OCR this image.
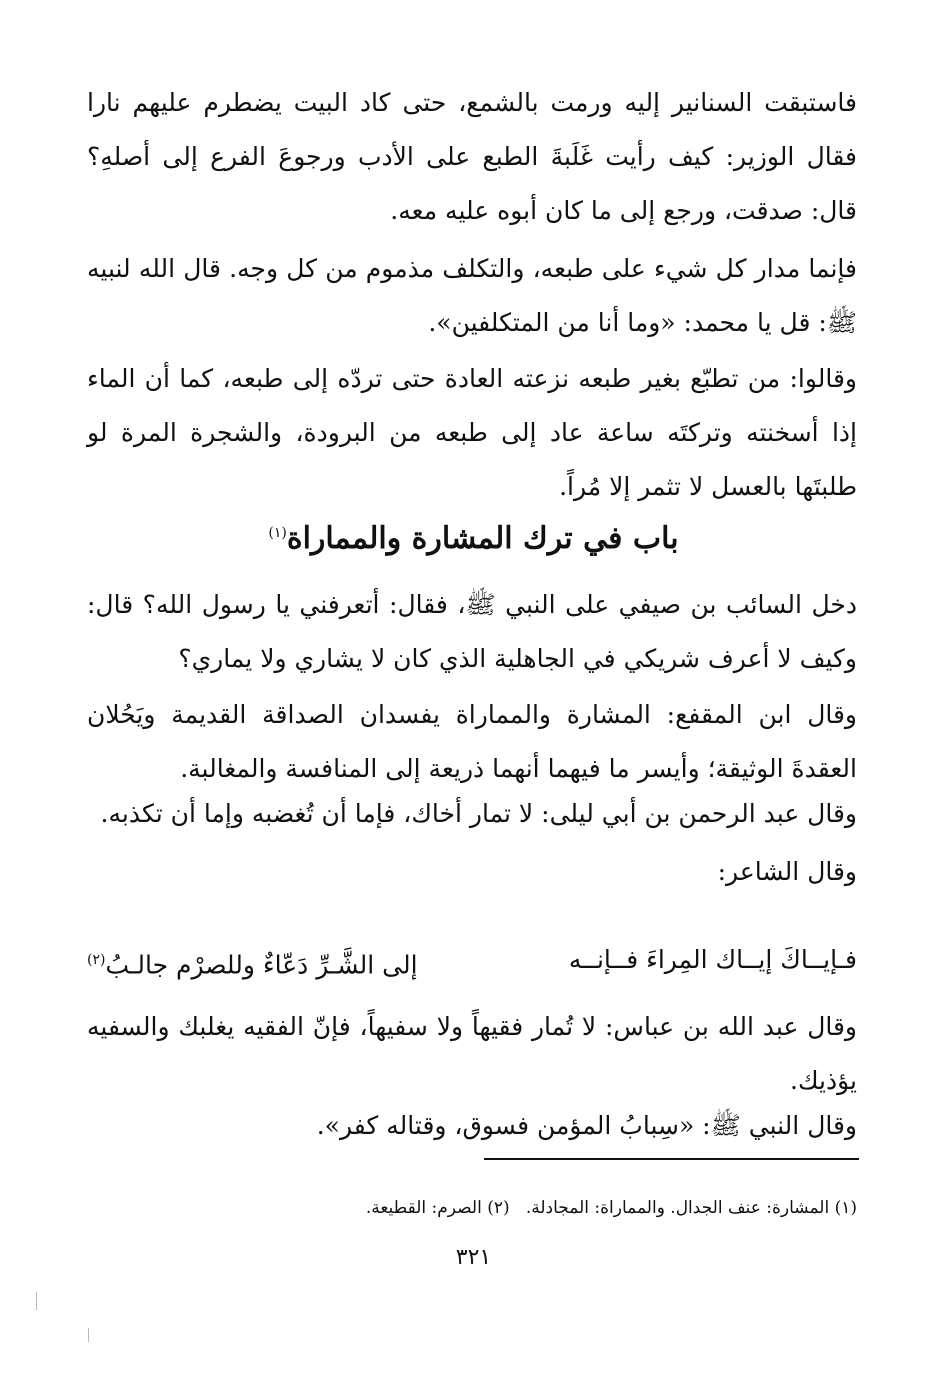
فاستبقت السنانير إليه ورمت بالشمع، حتى كاد البيت يضطرم عليهم نارا فقال الوزير: كيف رأيت غَلَبةَ الطبع على الأدب ورجوعَ الفرع إلى أصلهِ؟ قال: صدقت، ورجع إلى ما كان أبوه عليه معه.

فإنما مدار كل شيء على طبعه، والتكلف مذموم من كل وجه. قال الله لنبيه ﷺ: قل يا محمد: «وما أنا من المتكلفين».

وقالوا: من تطبّع بغير طبعه نزعته العادة حتى تردّه إلى طبعه، كما أن الماء إذا أسخنته وتركتَه ساعة عاد إلى طبعه من البرودة، والشجرة المرة لو طلبتَها بالعسل لا تثمر إلا مُراً.

باب في ترك المشارة والمماراة$^{(١)}$

دخل السائب بن صيفي على النبي ﷺ، فقال: أتعرفني يا رسول الله؟ قال: وكيف لا أعرف شريكي في الجاهلية الذي كان لا يشاري ولا يماري؟

وقال ابن المقفع: المشارة والمماراة يفسدان الصداقة القديمة ويَحُلان العقدةَ الوثيقة؛ وأيسر ما فيهما أنهما ذريعة إلى المنافسة والمغالبة.

وقال عبد الرحمن بن أبي ليلى: لا تمار أخاك، فإما أن تُغضبه وإما أن تكذبه.

وقال الشاعر:

فـإيــاكَ إيــاك المِراءَ فــإنــه
إلى الشَّـرِّ دَعّاءٌ وللصرْم جالـبُ$^{(٢)}$

وقال عبد الله بن عباس: لا تُمار فقيهاً ولا سفيهاً، فإنّ الفقيه يغلبك والسفيه يؤذيك.

وقال النبي ﷺ: «سِبابُ المؤمن فسوق، وقتاله كفر».

(١) المشارة: عنف الجدال. والمماراة: المجادلة.   (٢) الصرم: القطيعة.

٣٢١
